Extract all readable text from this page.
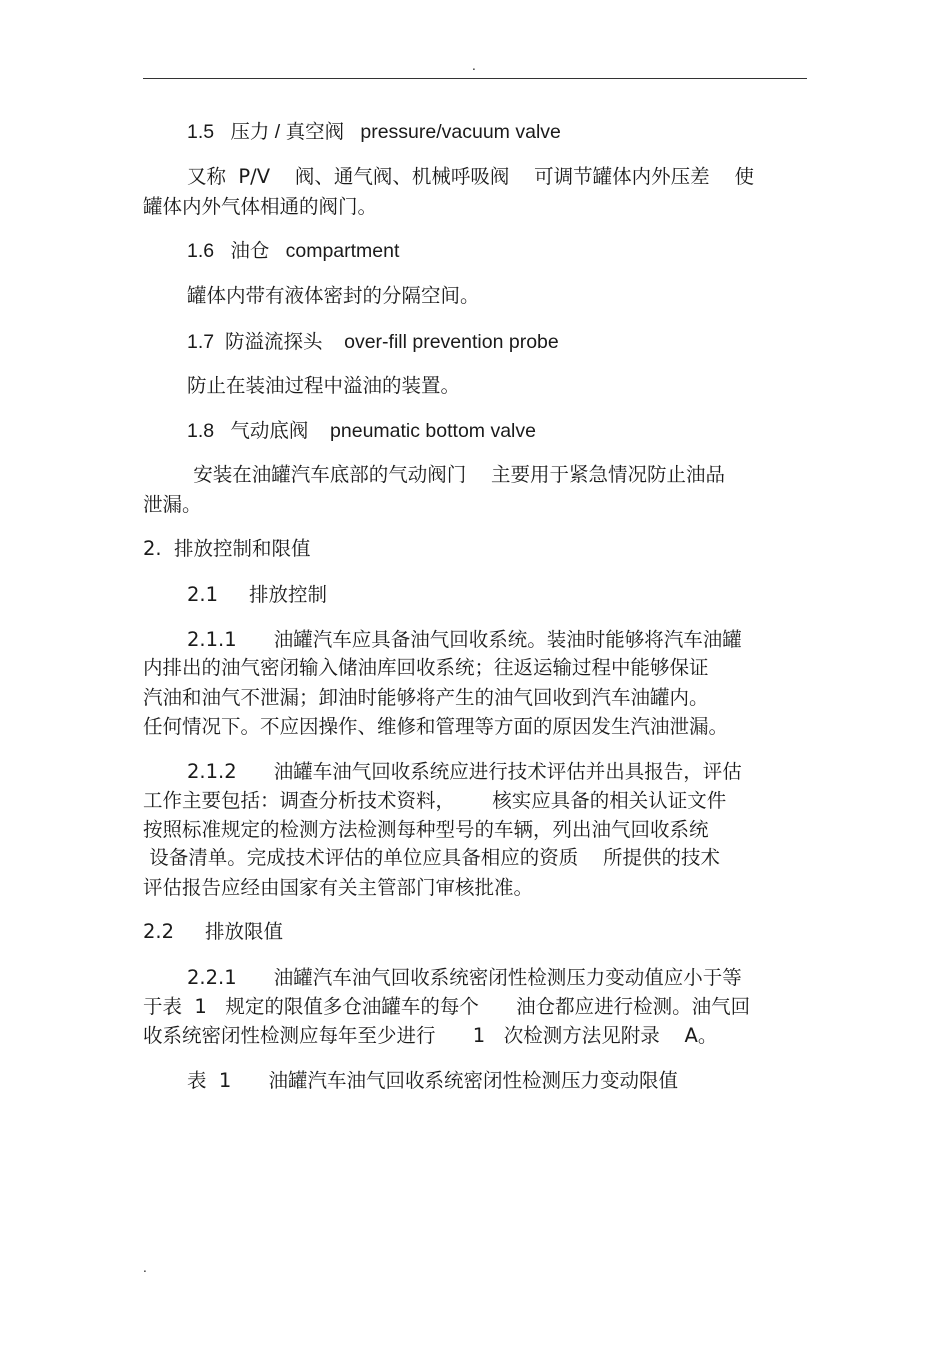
.
1.5   压力 / 真空阀   pressure/vacuum valve
又称  P/V    阀、通气阀、机械呼吸阀    可调节罐体内外压差    使
罐体内外气体相通的阀门。
1.6   油仓   compartment
罐体内带有液体密封的分隔空间。
1.7  防溢流探头    over-fill prevention probe
防止在装油过程中溢油的装置。
1.8   气动底阀    pneumatic bottom valve
安装在油罐汽车底部的气动阀门    主要用于紧急情况防止油品
泄漏。
2.  排放控制和限值
2.1     排放控制
2.1.1      油罐汽车应具备油气回收系统。装油时能够将汽车油罐
内排出的油气密闭输入储油库回收系统；往返运输过程中能够保证
汽油和油气不泄漏；卸油时能够将产生的油气回收到汽车油罐内。
任何情况下。不应因操作、维修和管理等方面的原因发生汽油泄漏。
2.1.2      油罐车油气回收系统应进行技术评估并出具报告，评估
工作主要包括：调查分析技术资料，      核实应具备的相关认证文件
按照标准规定的检测方法检测每种型号的车辆，列出油气回收系统
设备清单。完成技术评估的单位应具备相应的资质    所提供的技术
评估报告应经由国家有关主管部门审核批准。
2.2     排放限值
2.2.1      油罐汽车油气回收系统密闭性检测压力变动值应小于等
于表  1   规定的限值多仓油罐车的每个      油仓都应进行检测。油气回
收系统密闭性检测应每年至少进行      1   次检测方法见附录    A。
表  1      油罐汽车油气回收系统密闭性检测压力变动限值
.
